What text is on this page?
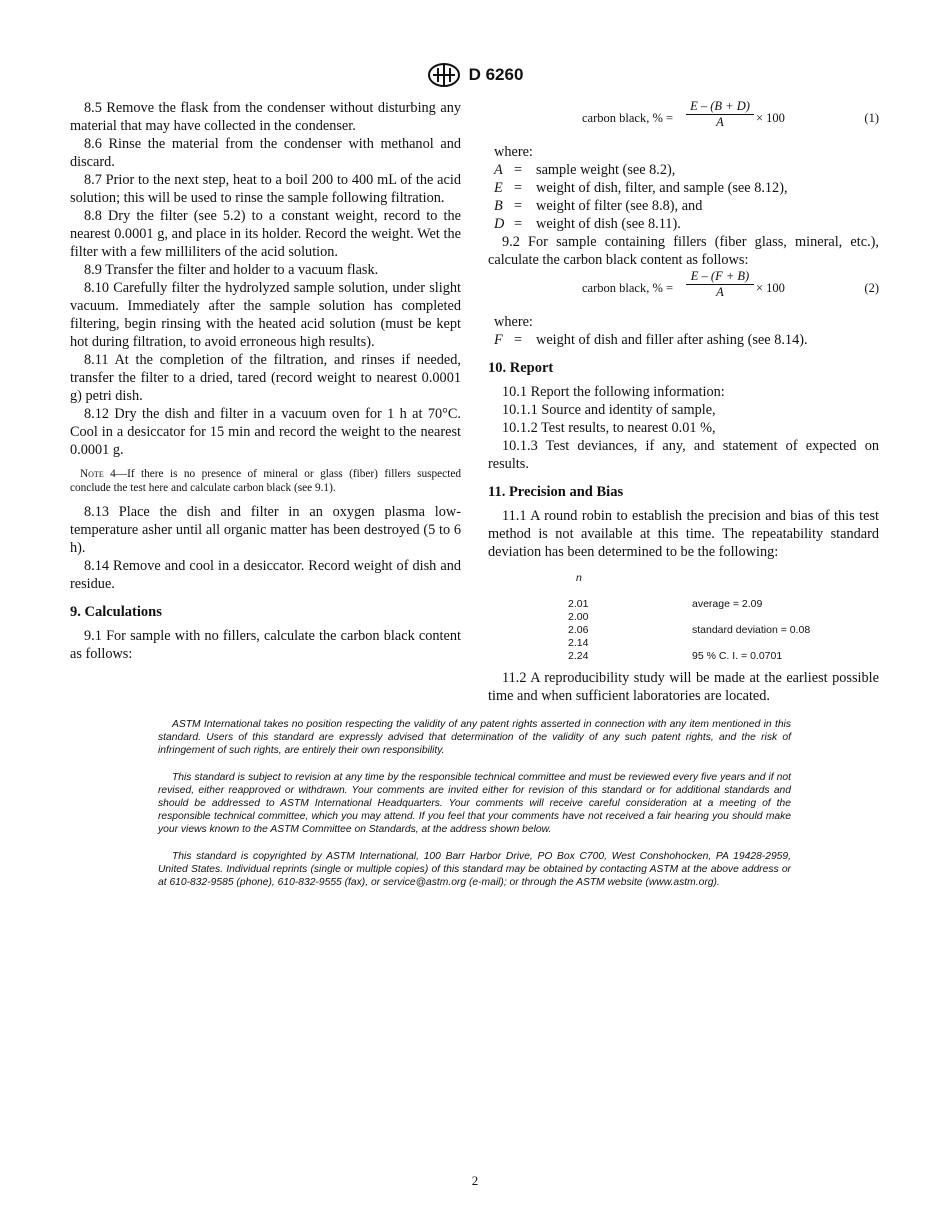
D 6260

8.5 Remove the flask from the condenser without disturbing any material that may have collected in the condenser.

8.6 Rinse the material from the condenser with methanol and discard.

8.7 Prior to the next step, heat to a boil 200 to 400 mL of the acid solution; this will be used to rinse the sample following filtration.

8.8 Dry the filter (see 5.2) to a constant weight, record to the nearest 0.0001 g, and place in its holder. Record the weight. Wet the filter with a few milliliters of the acid solution.

8.9 Transfer the filter and holder to a vacuum flask.

8.10 Carefully filter the hydrolyzed sample solution, under slight vacuum. Immediately after the sample solution has completed filtering, begin rinsing with the heated acid solution (must be kept hot during filtration, to avoid erroneous high results).

8.11 At the completion of the filtration, and rinses if needed, transfer the filter to a dried, tared (record weight to nearest 0.0001 g) petri dish.

8.12 Dry the dish and filter in a vacuum oven for 1 h at 70°C. Cool in a desiccator for 15 min and record the weight to the nearest 0.0001 g.

Note 4—If there is no presence of mineral or glass (fiber) fillers suspected conclude the test here and calculate carbon black (see 9.1).

8.13 Place the dish and filter in an oxygen plasma low-temperature asher until all organic matter has been destroyed (5 to 6 h).

8.14 Remove and cool in a desiccator. Record weight of dish and residue.

9. Calculations

9.1 For sample with no fillers, calculate the carbon black content as follows:

carbon black, % = $\frac{E - (B + D)}{A} \times 100$	(1)
where:
A = sample weight (see 8.2),
E = weight of dish, filter, and sample (see 8.12),
B = weight of filter (see 8.8), and
D = weight of dish (see 8.11).

9.2 For sample containing fillers (fiber glass, mineral, etc.), calculate the carbon black content as follows:

carbon black, % = $\frac{E - (F + B)}{A} \times 100$	(2)
where:
F = weight of dish and filler after ashing (see 8.14).
10. Report

10.1 Report the following information:

10.1.1 Source and identity of sample,

10.1.2 Test results, to nearest 0.01 %,

10.1.3 Test deviances, if any, and statement of expected on results.

11. Precision and Bias

11.1 A round robin to establish the precision and bias of this test method is not available at this time. The repeatability standard deviation has been determined to be the following:

n
2.01
2.00
2.06
2.14
2.24
average = 2.09
standard deviation = 0.08
95 % C. I. = 0.0701

11.2 A reproducibility study will be made at the earliest possible time and when sufficient laboratories are located.

ASTM International takes no position respecting the validity of any patent rights asserted in connection with any item mentioned in this standard. Users of this standard are expressly advised that determination of the validity of any such patent rights, and the risk of infringement of such rights, are entirely their own responsibility.

This standard is subject to revision at any time by the responsible technical committee and must be reviewed every five years and if not revised, either reapproved or withdrawn. Your comments are invited either for revision of this standard or for additional standards and should be addressed to ASTM International Headquarters. Your comments will receive careful consideration at a meeting of the responsible technical committee, which you may attend. If you feel that your comments have not received a fair hearing you should make your views known to the ASTM Committee on Standards, at the address shown below.

This standard is copyrighted by ASTM International, 100 Barr Harbor Drive, PO Box C700, West Conshohocken, PA 19428-2959, United States. Individual reprints (single or multiple copies) of this standard may be obtained by contacting ASTM at the above address or at 610-832-9585 (phone), 610-832-9555 (fax), or service@astm.org (e-mail); or through the ASTM website (www.astm.org).

2
